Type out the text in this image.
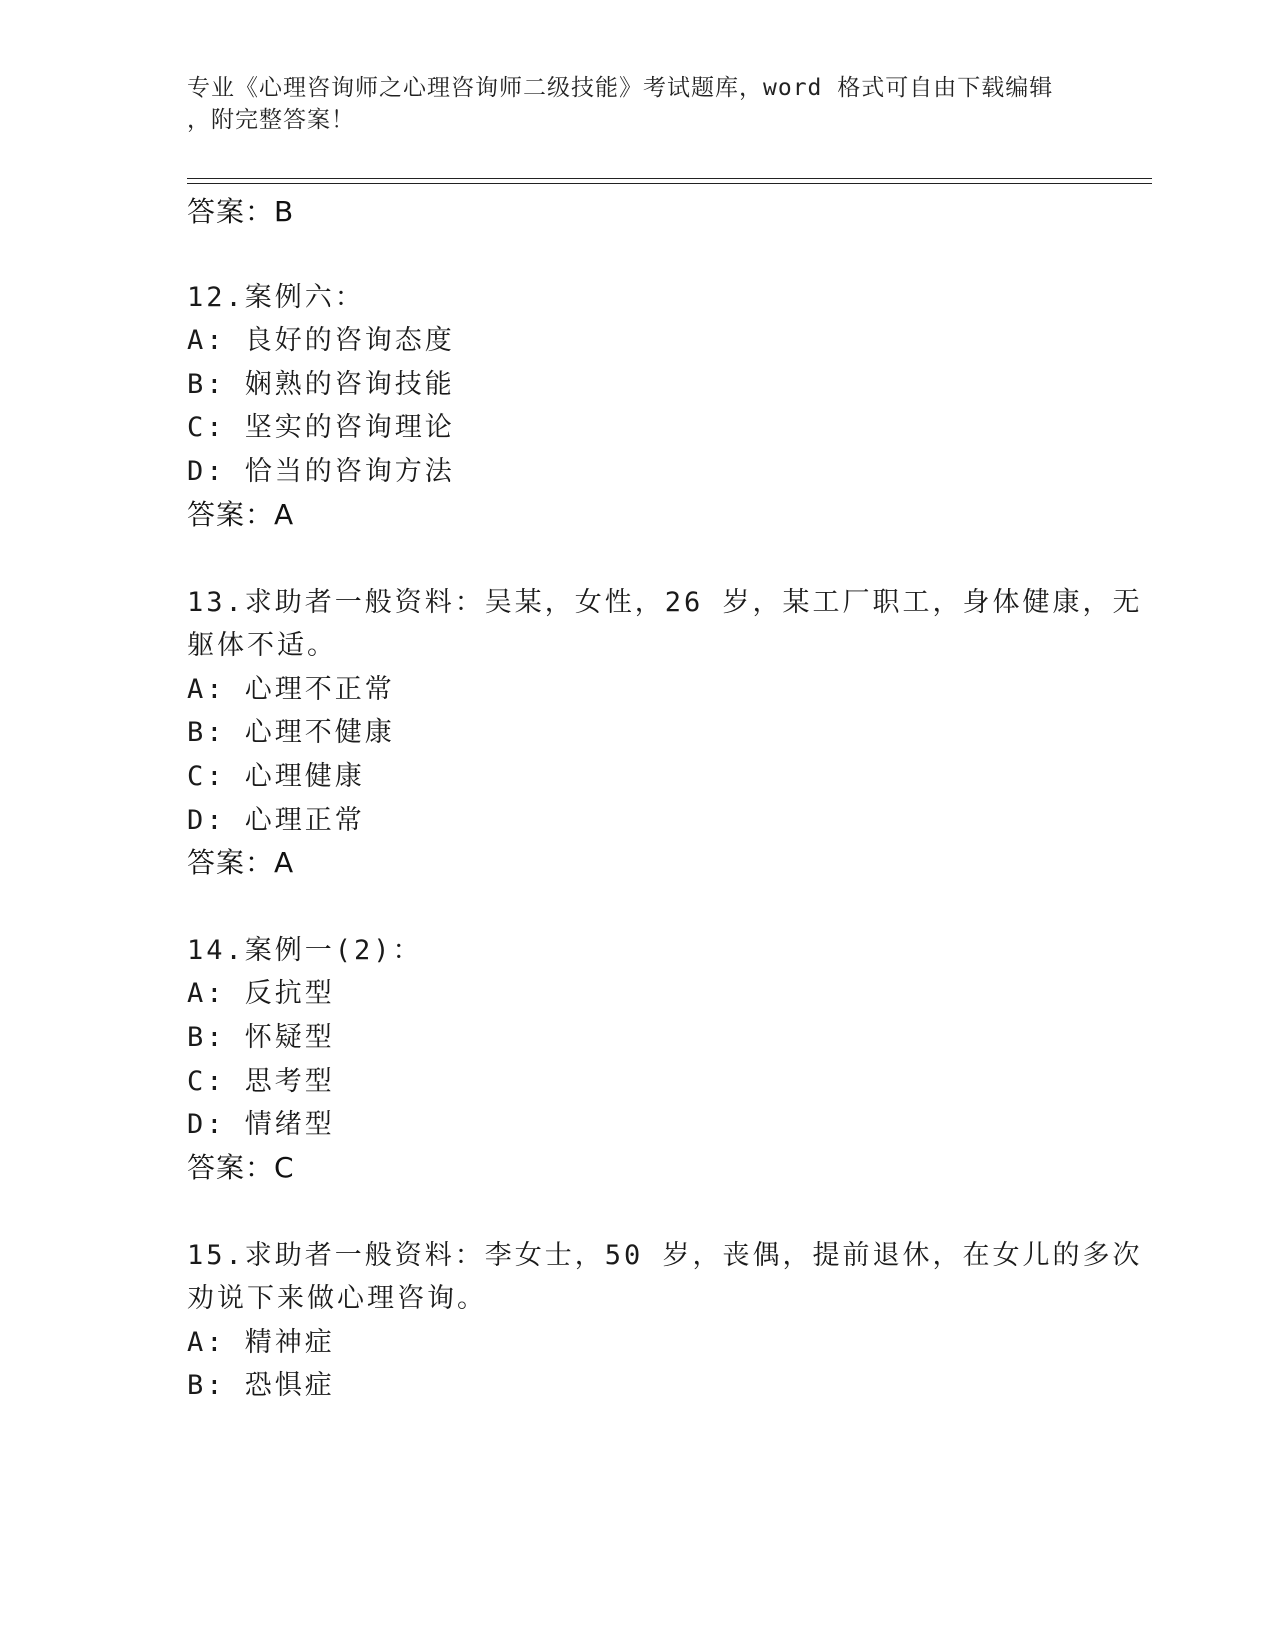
专业《心理咨询师之心理咨询师二级技能》考试题库，word 格式可自由下载编辑
，附完整答案！
答案：B
12.案例六：
A: 良好的咨询态度
B: 娴熟的咨询技能
C: 坚实的咨询理论
D: 恰当的咨询方法
答案：A
13.求助者一般资料：吴某，女性，26 岁，某工厂职工，身体健康，无
躯体不适。
A: 心理不正常
B: 心理不健康
C: 心理健康
D: 心理正常
答案：A
14.案例一(2)：
A: 反抗型
B: 怀疑型
C: 思考型
D: 情绪型
答案：C
15.求助者一般资料：李女士，50 岁，丧偶，提前退休，在女儿的多次
劝说下来做心理咨询。
A: 精神症
B: 恐惧症
